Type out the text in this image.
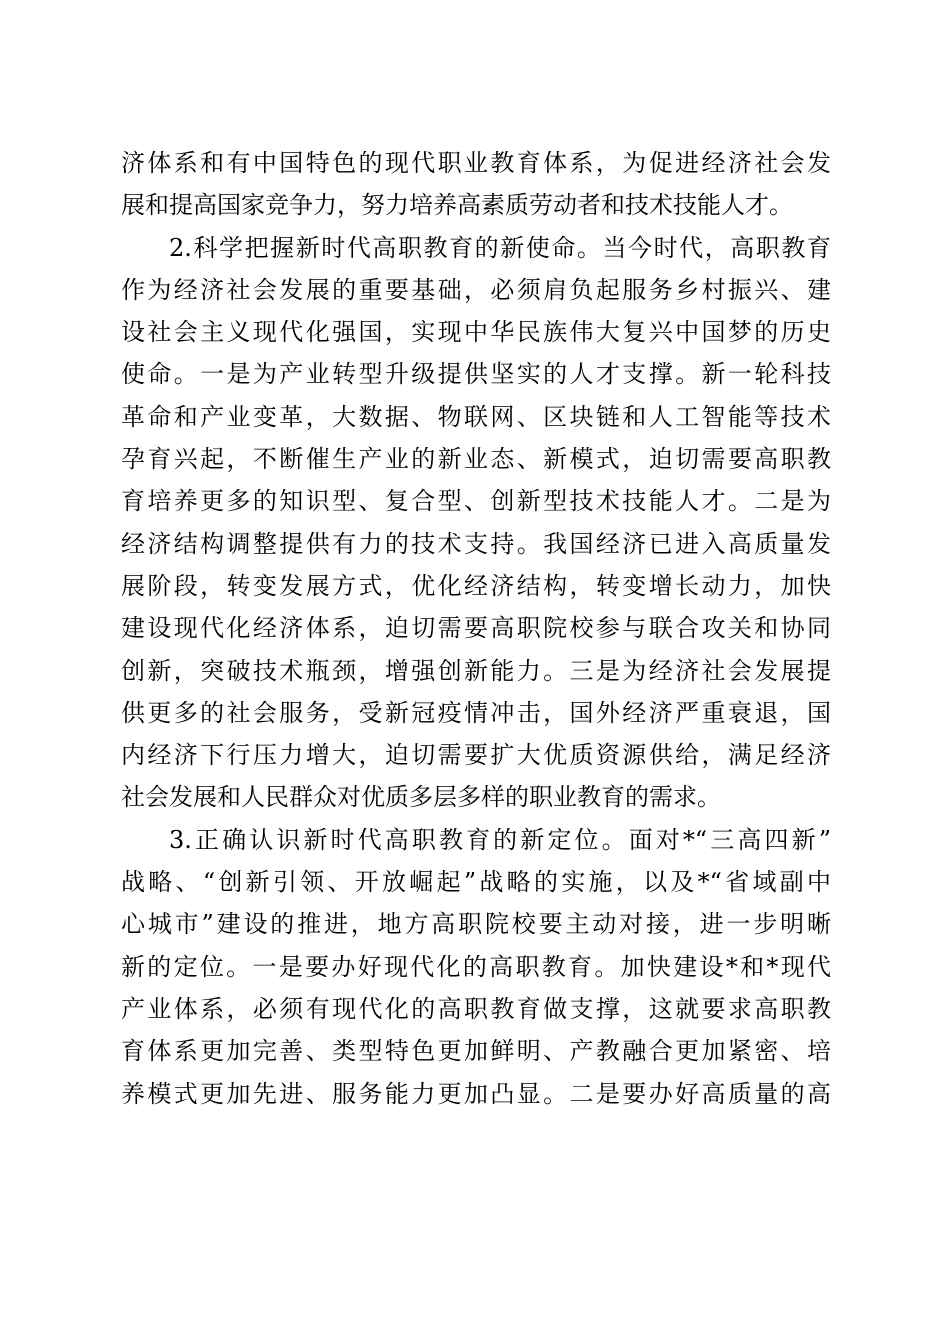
济体系和有中国特色的现代职业教育体系，为促进经济社会发
展和提高国家竞争力，努力培养高素质劳动者和技术技能人才。
2.科学把握新时代高职教育的新使命。当今时代，高职教育
作为经济社会发展的重要基础，必须肩负起服务乡村振兴、建
设社会主义现代化强国，实现中华民族伟大复兴中国梦的历史
使命。一是为产业转型升级提供坚实的人才支撑。新一轮科技
革命和产业变革，大数据、物联网、区块链和人工智能等技术
孕育兴起，不断催生产业的新业态、新模式，迫切需要高职教
育培养更多的知识型、复合型、创新型技术技能人才。二是为
经济结构调整提供有力的技术支持。我国经济已进入高质量发
展阶段，转变发展方式，优化经济结构，转变增长动力，加快
建设现代化经济体系，迫切需要高职院校参与联合攻关和协同
创新，突破技术瓶颈，增强创新能力。三是为经济社会发展提
供更多的社会服务，受新冠疫情冲击，国外经济严重衰退，国
内经济下行压力增大，迫切需要扩大优质资源供给，满足经济
社会发展和人民群众对优质多层多样的职业教育的需求。
3.正确认识新时代高职教育的新定位。面对*“三高四新”
战略、“创新引领、开放崛起”战略的实施，以及*“省域副中
心城市”建设的推进，地方高职院校要主动对接，进一步明晰
新的定位。一是要办好现代化的高职教育。加快建设*和*现代
产业体系，必须有现代化的高职教育做支撑，这就要求高职教
育体系更加完善、类型特色更加鲜明、产教融合更加紧密、培
养模式更加先进、服务能力更加凸显。二是要办好高质量的高
